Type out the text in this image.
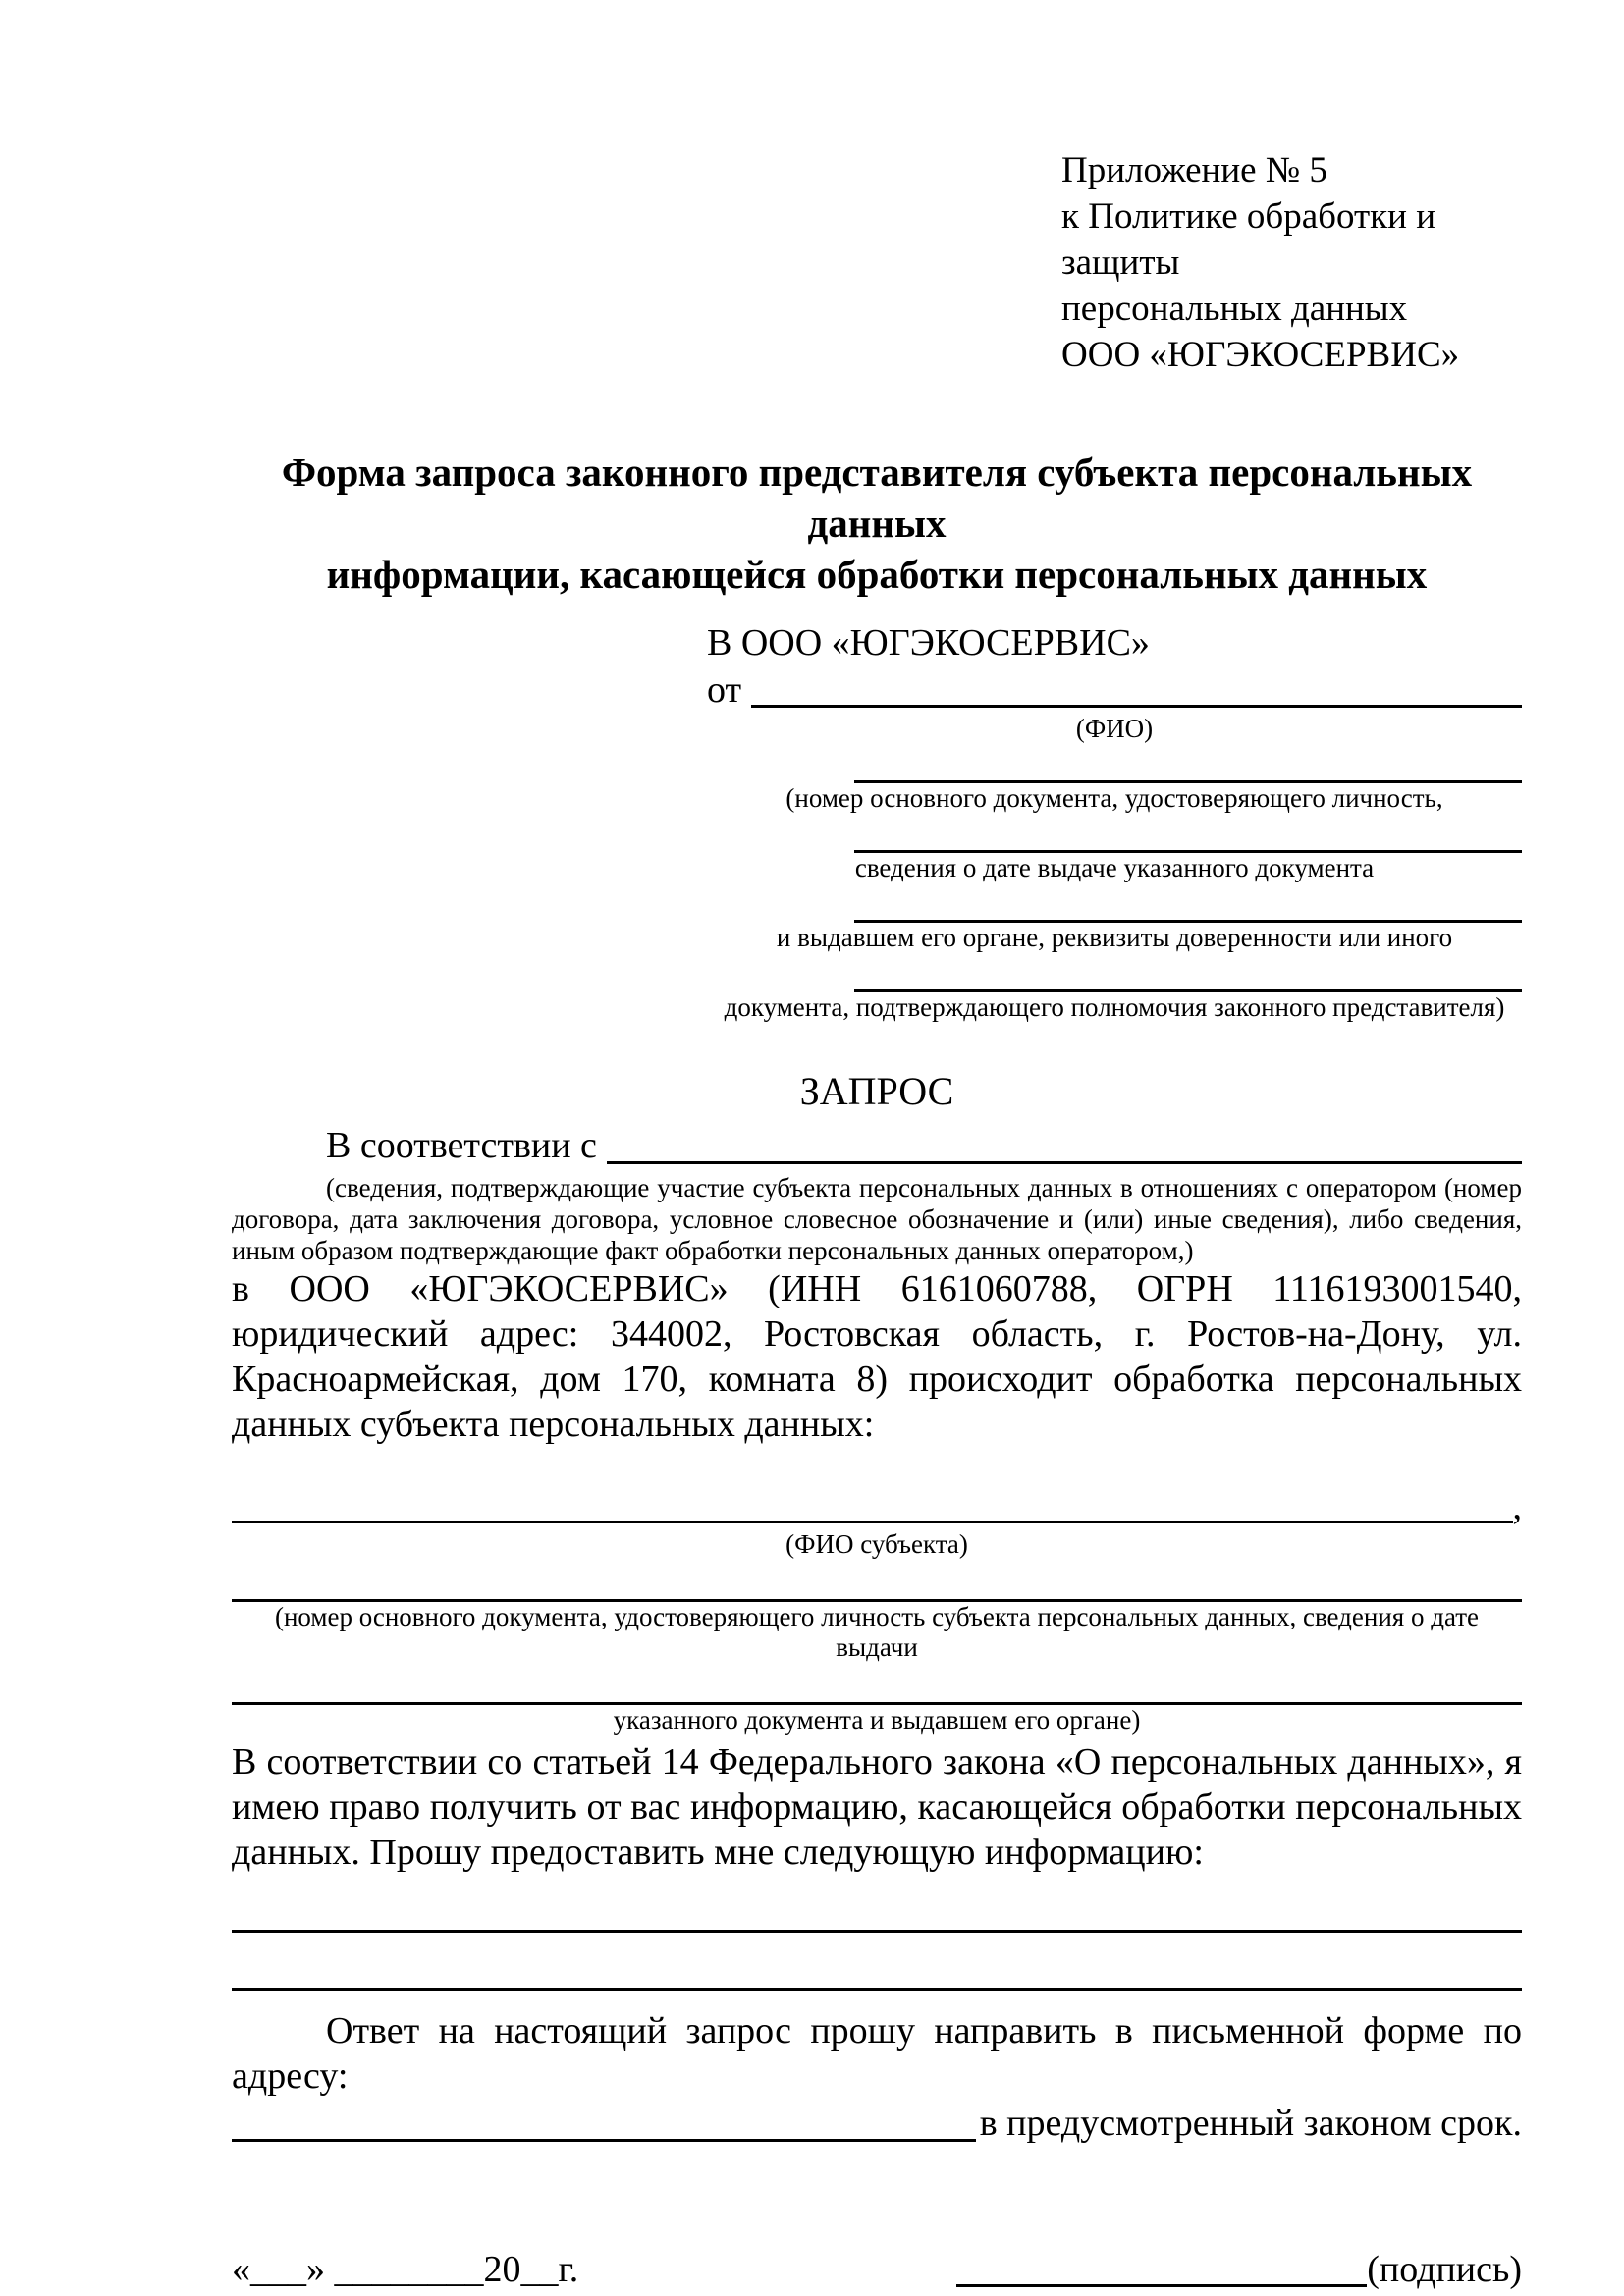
Приложение № 5
к Политике обработки и защиты
персональных данных
ООО «ЮГЭКОСЕРВИС»
Форма запроса законного представителя субъекта персональных данных
информации, касающейся обработки персональных данных
В ООО «ЮГЭКОСЕРВИС»
от
(ФИО)
(номер основного документа, удостоверяющего личность,
сведения о дате выдаче указанного документа
и выдавшем его органе, реквизиты доверенности или иного
документа, подтверждающего полномочия законного представителя)
ЗАПРОС
В соответствии с
(сведения, подтверждающие участие субъекта персональных данных в отношениях с оператором (номер договора, дата заключения договора, условное словесное обозначение и (или) иные сведения), либо сведения, иным образом подтверждающие факт обработки персональных данных оператором,)
в ООО «ЮГЭКОСЕРВИС» (ИНН 6161060788, ОГРН 1116193001540, юридический адрес: 344002, Ростовская область, г. Ростов-на-Дону, ул. Красноармейская, дом 170, комната 8) происходит обработка персональных данных субъекта персональных данных:
,
(ФИО субъекта)
(номер основного документа, удостоверяющего личность субъекта персональных данных, сведения о дате выдачи
указанного документа и выдавшем его органе)
В соответствии со статьей 14 Федерального закона «О персональных данных», я имею право получить от вас информацию, касающейся обработки персональных данных. Прошу предоставить мне следующую информацию:
Ответ на настоящий запрос прошу направить в письменной форме по адресу:
в предусмотренный законом срок.
«___» ________20__г.	(подпись)
